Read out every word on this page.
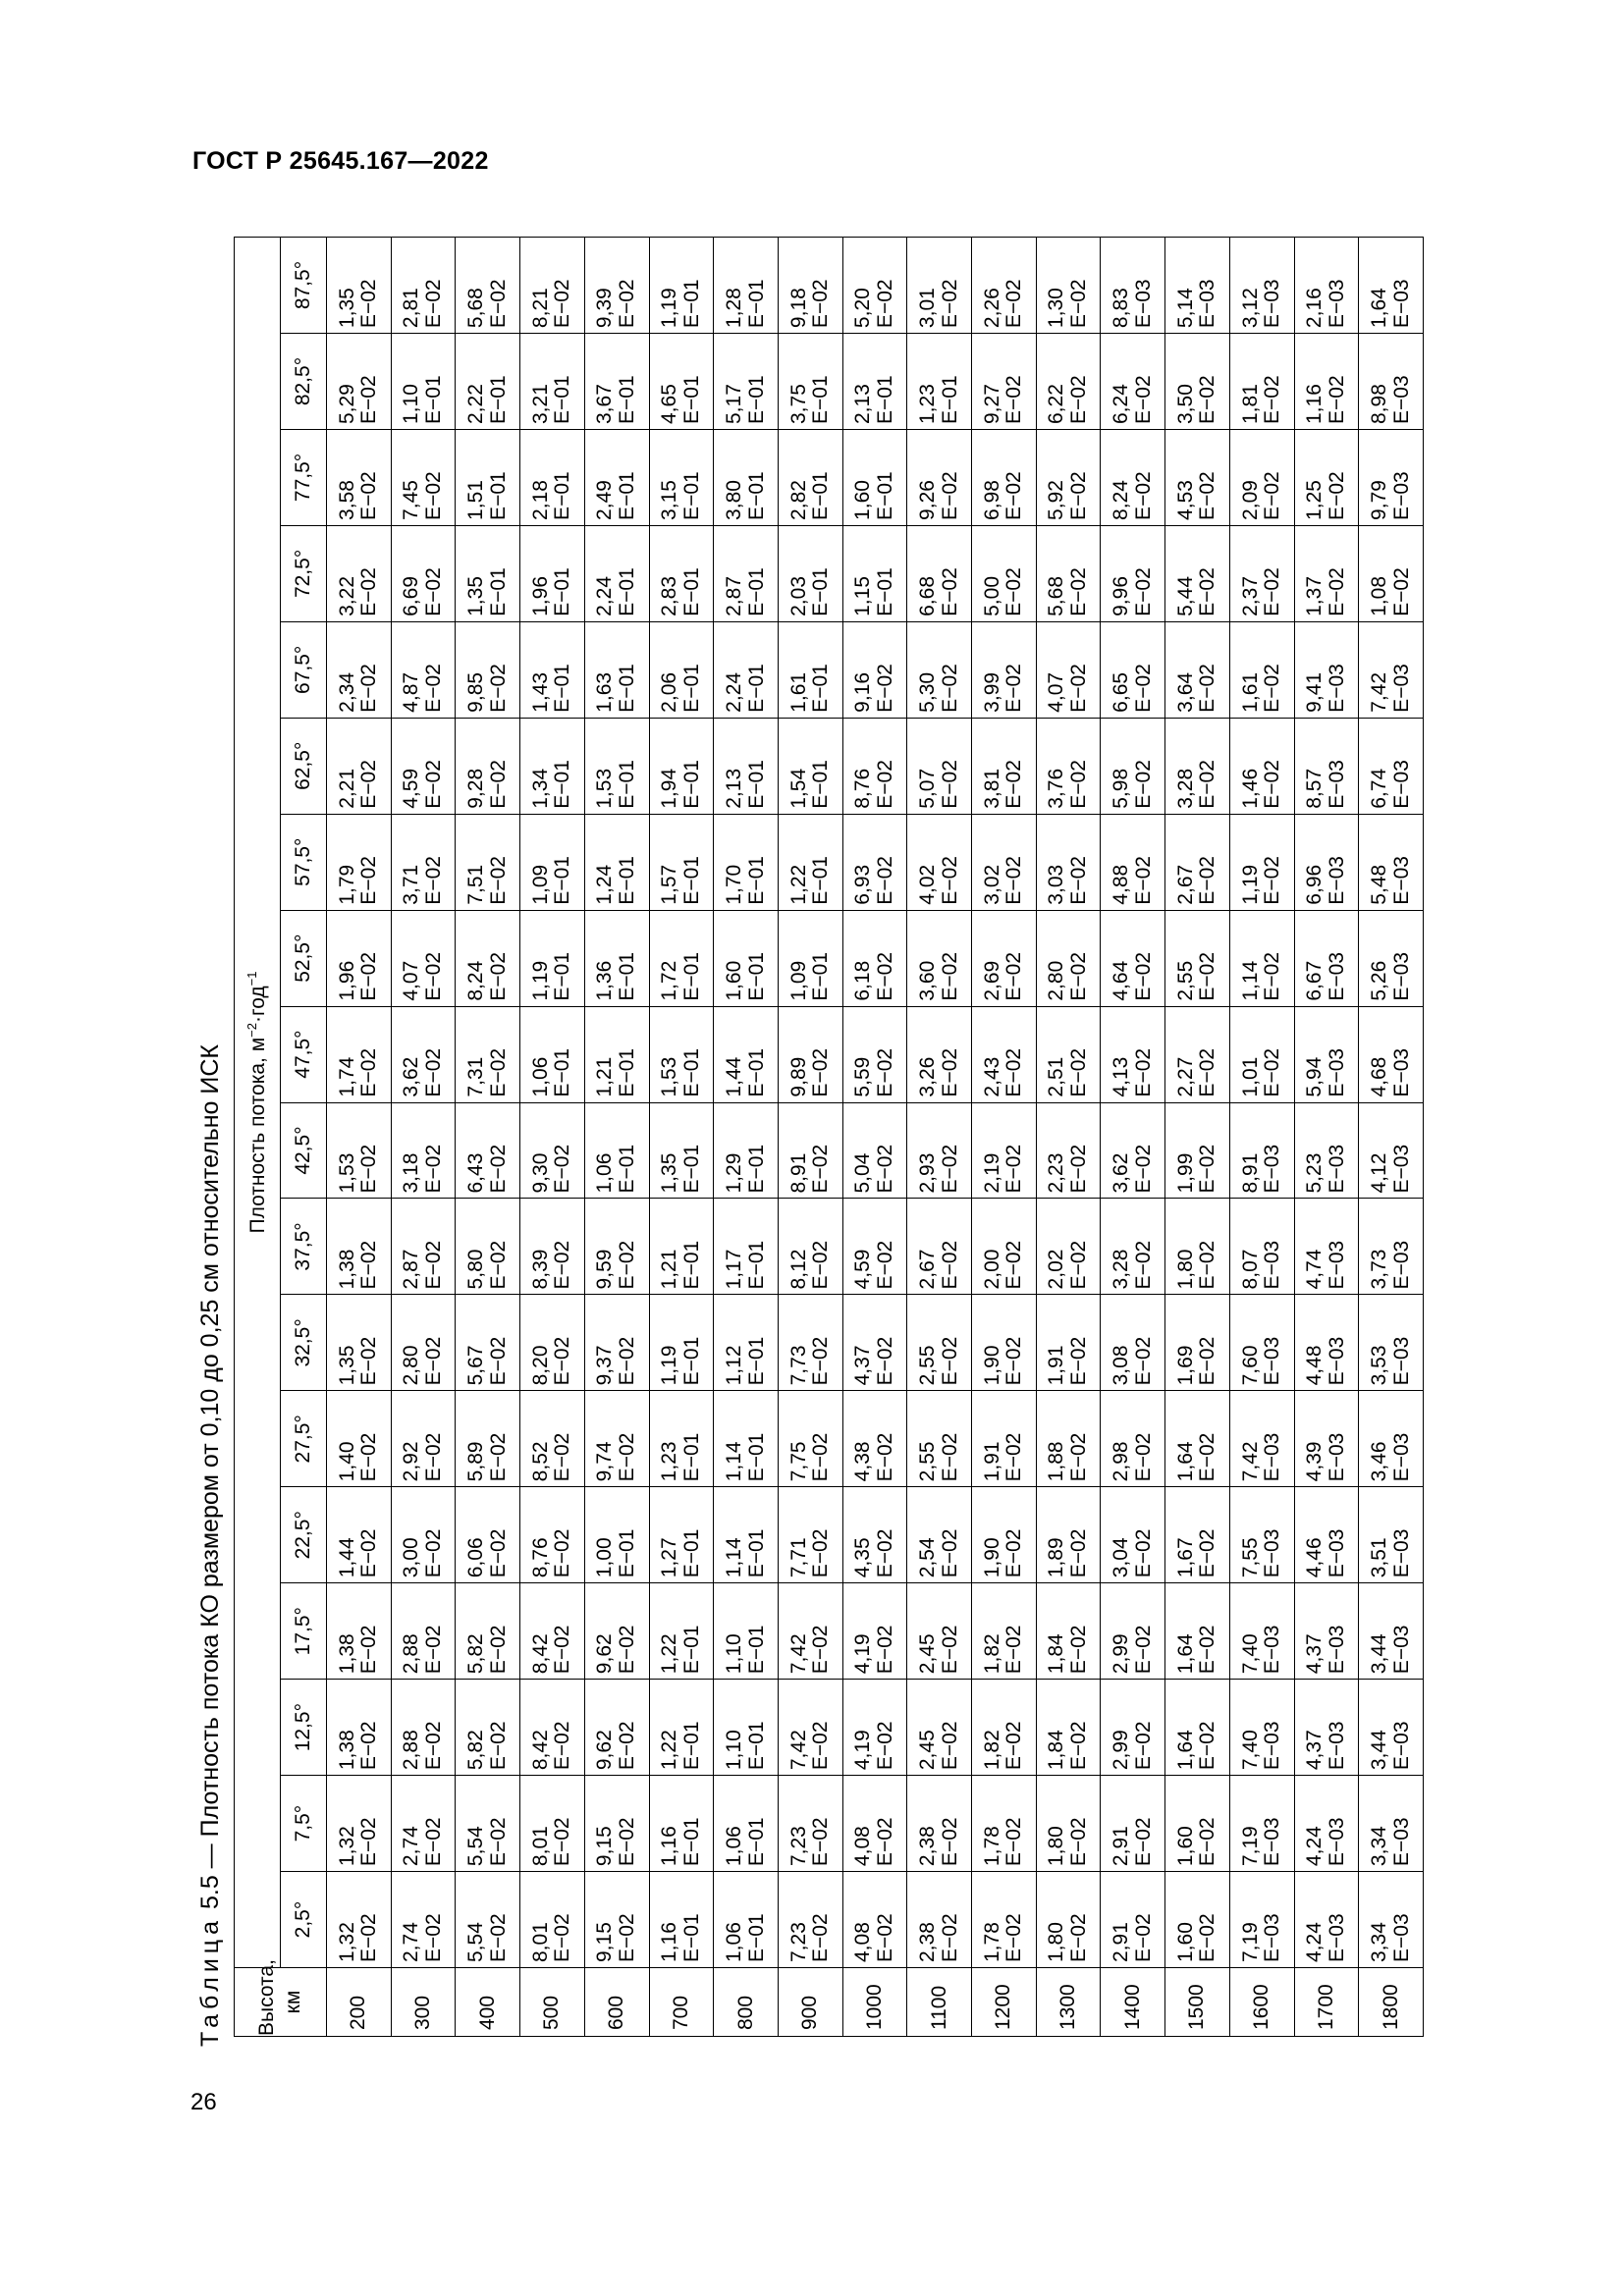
ГОСТ Р 25645.167—2022
26
Таблица 5.5 — Плотность потока КО размером от 0,10 до 0,25 см относительно ИСК
Высота, км	Плотность потока, $м^{-2}\cdot год^{-1}$
	2,5°	7,5°	12,5°	17,5°	22,5°	27,5°	32,5°	37,5°	42,5°	47,5°	52,5°	57,5°	62,5°	67,5°	72,5°	77,5°	82,5°	87,5°
200	1,32 E−02	1,32 E−02	1,38 E−02	1,38 E−02	1,44 E−02	1,40 E−02	1,35 E−02	1,38 E−02	1,53 E−02	1,74 E−02	1,96 E−02	1,79 E−02	2,21 E−02	2,34 E−02	3,22 E−02	3,58 E−02	5,29 E−02	1,35 E−02

300	2,74 E−02	2,74 E−02	2,88 E−02	2,88 E−02	3,00 E−02	2,92 E−02	2,80 E−02	2,87 E−02	3,18 E−02	3,62 E−02	4,07 E−02	3,71 E−02	4,59 E−02	4,87 E−02	6,69 E−02	7,45 E−02	1,10 E−01	2,81 E−02

400	5,54 E−02	5,54 E−02	5,82 E−02	5,82 E−02	6,06 E−02	5,89 E−02	5,67 E−02	5,80 E−02	6,43 E−02	7,31 E−02	8,24 E−02	7,51 E−02	9,28 E−02	9,85 E−02	1,35 E−01	1,51 E−01	2,22 E−01	5,68 E−02

500	8,01 E−02	8,01 E−02	8,42 E−02	8,42 E−02	8,76 E−02	8,52 E−02	8,20 E−02	8,39 E−02	9,30 E−02	1,06 E−01	1,19 E−01	1,09 E−01	1,34 E−01	1,43 E−01	1,96 E−01	2,18 E−01	3,21 E−01	8,21 E−02

600	9,15 E−02	9,15 E−02	9,62 E−02	9,62 E−02	1,00 E−01	9,74 E−02	9,37 E−02	9,59 E−02	1,06 E−01	1,21 E−01	1,36 E−01	1,24 E−01	1,53 E−01	1,63 E−01	2,24 E−01	2,49 E−01	3,67 E−01	9,39 E−02

700	1,16 E−01	1,16 E−01	1,22 E−01	1,22 E−01	1,27 E−01	1,23 E−01	1,19 E−01	1,21 E−01	1,35 E−01	1,53 E−01	1,72 E−01	1,57 E−01	1,94 E−01	2,06 E−01	2,83 E−01	3,15 E−01	4,65 E−01	1,19 E−01

800	1,06 E−01	1,06 E−01	1,10 E−01	1,10 E−01	1,14 E−01	1,14 E−01	1,12 E−01	1,17 E−01	1,29 E−01	1,44 E−01	1,60 E−01	1,70 E−01	2,13 E−01	2,24 E−01	2,87 E−01	3,80 E−01	5,17 E−01	1,28 E−01

900	7,23 E−02	7,23 E−02	7,42 E−02	7,42 E−02	7,71 E−02	7,75 E−02	7,73 E−02	8,12 E−02	8,91 E−02	9,89 E−02	1,09 E−01	1,22 E−01	1,54 E−01	1,61 E−01	2,03 E−01	2,82 E−01	3,75 E−01	9,18 E−02

1000	4,08 E−02	4,08 E−02	4,19 E−02	4,19 E−02	4,35 E−02	4,38 E−02	4,37 E−02	4,59 E−02	5,04 E−02	5,59 E−02	6,18 E−02	6,93 E−02	8,76 E−02	9,16 E−02	1,15 E−01	1,60 E−01	2,13 E−01	5,20 E−02

1100	2,38 E−02	2,38 E−02	2,45 E−02	2,45 E−02	2,54 E−02	2,55 E−02	2,55 E−02	2,67 E−02	2,93 E−02	3,26 E−02	3,60 E−02	4,02 E−02	5,07 E−02	5,30 E−02	6,68 E−02	9,26 E−02	1,23 E−01	3,01 E−02

1200	1,78 E−02	1,78 E−02	1,82 E−02	1,82 E−02	1,90 E−02	1,91 E−02	1,90 E−02	2,00 E−02	2,19 E−02	2,43 E−02	2,69 E−02	3,02 E−02	3,81 E−02	3,99 E−02	5,00 E−02	6,98 E−02	9,27 E−02	2,26 E−02

1300	1,80 E−02	1,80 E−02	1,84 E−02	1,84 E−02	1,89 E−02	1,88 E−02	1,91 E−02	2,02 E−02	2,23 E−02	2,51 E−02	2,80 E−02	3,03 E−02	3,76 E−02	4,07 E−02	5,68 E−02	5,92 E−02	6,22 E−02	1,30 E−02

1400	2,91 E−02	2,91 E−02	2,99 E−02	2,99 E−02	3,04 E−02	2,98 E−02	3,08 E−02	3,28 E−02	3,62 E−02	4,13 E−02	4,64 E−02	4,88 E−02	5,98 E−02	6,65 E−02	9,96 E−02	8,24 E−02	6,24 E−02	8,83 E−03

1500	1,60 E−02	1,60 E−02	1,64 E−02	1,64 E−02	1,67 E−02	1,64 E−02	1,69 E−02	1,80 E−02	1,99 E−02	2,27 E−02	2,55 E−02	2,67 E−02	3,28 E−02	3,64 E−02	5,44 E−02	4,53 E−02	3,50 E−02	5,14 E−03

1600	7,19 E−03	7,19 E−03	7,40 E−03	7,40 E−03	7,55 E−03	7,42 E−03	7,60 E−03	8,07 E−03	8,91 E−03	1,01 E−02	1,14 E−02	1,19 E−02	1,46 E−02	1,61 E−02	2,37 E−02	2,09 E−02	1,81 E−02	3,12 E−03

1700	4,24 E−03	4,24 E−03	4,37 E−03	4,37 E−03	4,46 E−03	4,39 E−03	4,48 E−03	4,74 E−03	5,23 E−03	5,94 E−03	6,67 E−03	6,96 E−03	8,57 E−03	9,41 E−03	1,37 E−02	1,25 E−02	1,16 E−02	2,16 E−03

1800	3,34 E−03	3,34 E−03	3,44 E−03	3,44 E−03	3,51 E−03	3,46 E−03	3,53 E−03	3,73 E−03	4,12 E−03	4,68 E−03	5,26 E−03	5,48 E−03	6,74 E−03	7,42 E−03	1,08 E−02	9,79 E−03	8,98 E−03	1,64 E−03
